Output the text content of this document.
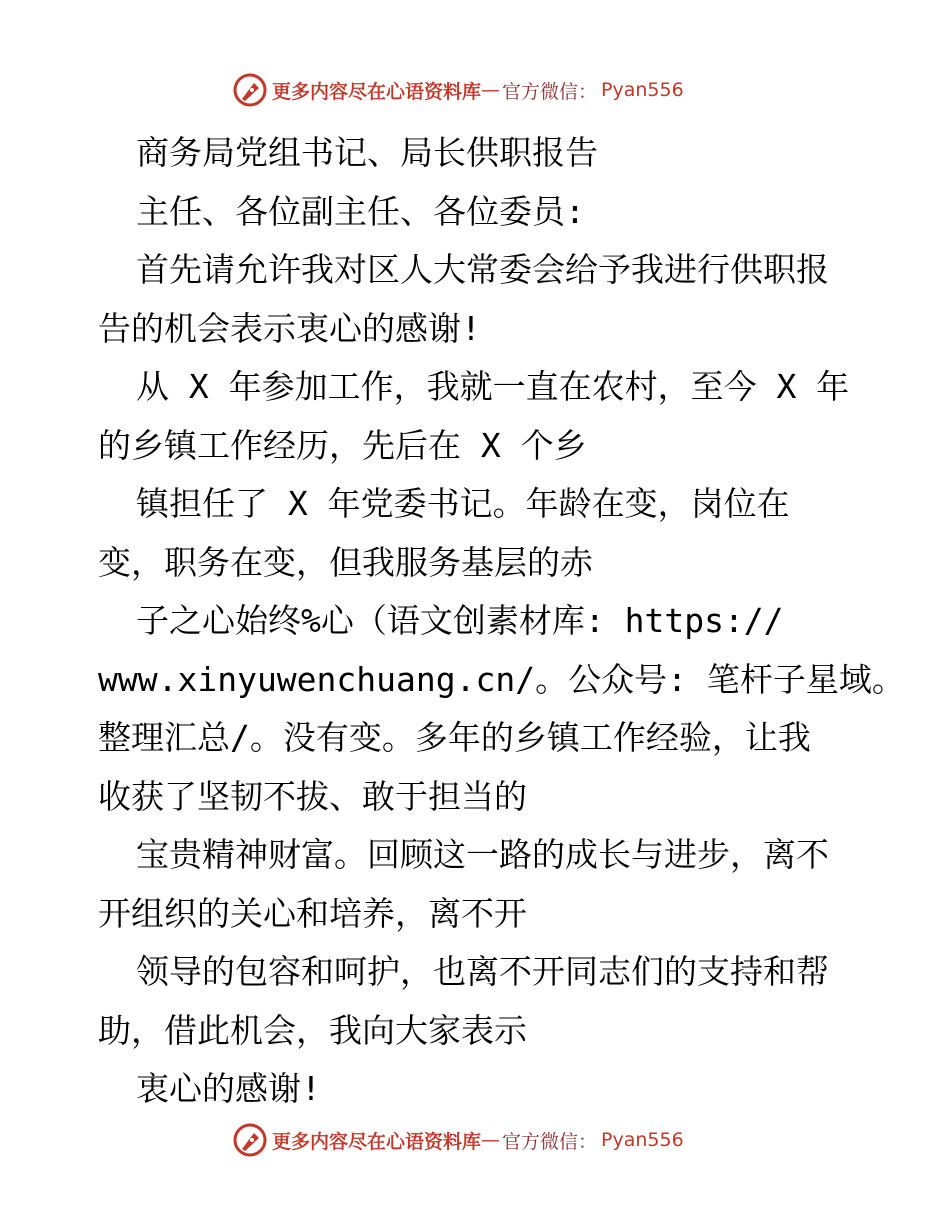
更多内容尽在心语资料库 — 官方微信： Pyan556

商务局党组书记、局长供职报告

主任、各位副主任、各位委员:

首先请允许我对区人大常委会给予我进行供职报

告的机会表示衷心的感谢!

从 X 年参加工作，我就一直在农村，至今 X 年

的乡镇工作经历，先后在 X 个乡

镇担任了 X 年党委书记。年龄在变，岗位在

变，职务在变，但我服务基层的赤

子之心始终%心（语文创素材库: https://

www.xinyuwenchuang.cn/。公众号: 笔杆子星域。

整理汇总/。没有变。多年的乡镇工作经验，让我

收获了坚韧不拔、敢于担当的

宝贵精神财富。回顾这一路的成长与进步，离不

开组织的关心和培养，离不开

领导的包容和呵护，也离不开同志们的支持和帮

助，借此机会，我向大家表示

衷心的感谢!

更多内容尽在心语资料库 — 官方微信： Pyan556
